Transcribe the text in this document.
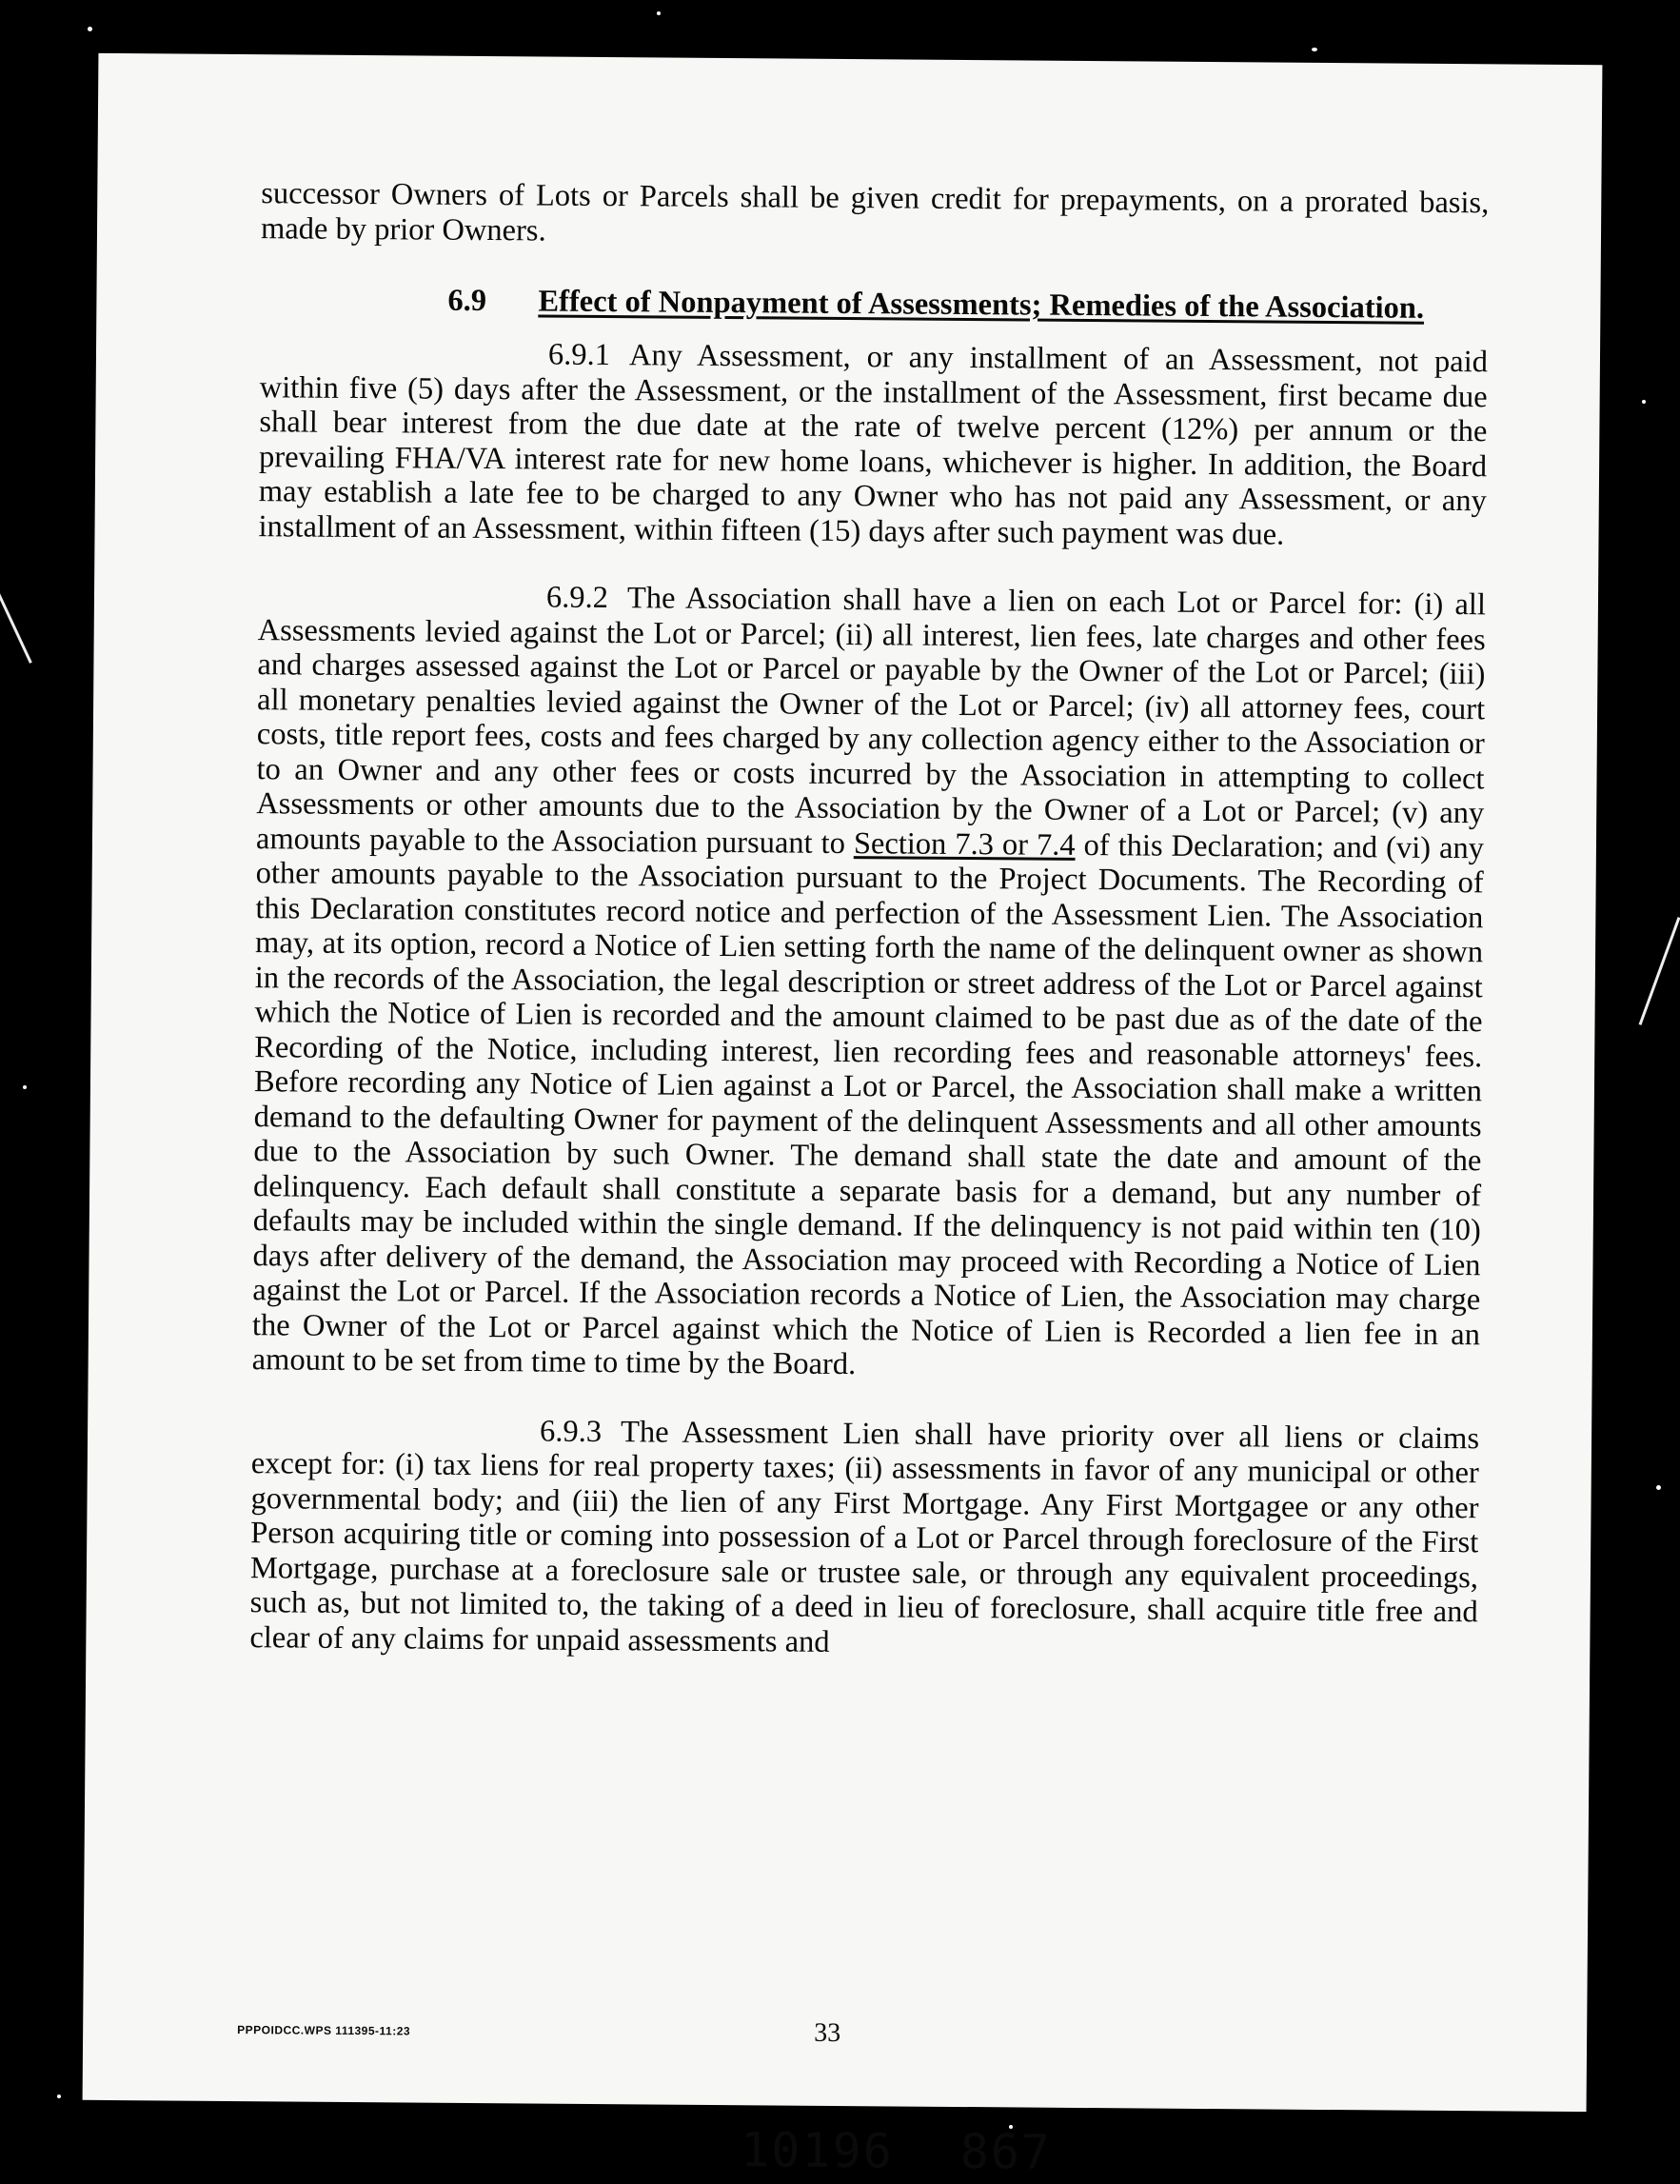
successor Owners of Lots or Parcels shall be given credit for prepayments, on a prorated basis, made by prior Owners.

6.9 Effect of Nonpayment of Assessments; Remedies of the Association.

6.9.1 Any Assessment, or any installment of an Assessment, not paid within five (5) days after the Assessment, or the installment of the Assessment, first became due shall bear interest from the due date at the rate of twelve percent (12%) per annum or the prevailing FHA/VA interest rate for new home loans, whichever is higher. In addition, the Board may establish a late fee to be charged to any Owner who has not paid any Assessment, or any installment of an Assessment, within fifteen (15) days after such payment was due.

6.9.2 The Association shall have a lien on each Lot or Parcel for: (i) all Assessments levied against the Lot or Parcel; (ii) all interest, lien fees, late charges and other fees and charges assessed against the Lot or Parcel or payable by the Owner of the Lot or Parcel; (iii) all monetary penalties levied against the Owner of the Lot or Parcel; (iv) all attorney fees, court costs, title report fees, costs and fees charged by any collection agency either to the Association or to an Owner and any other fees or costs incurred by the Association in attempting to collect Assessments or other amounts due to the Association by the Owner of a Lot or Parcel; (v) any amounts payable to the Association pursuant to Section 7.3 or 7.4 of this Declaration; and (vi) any other amounts payable to the Association pursuant to the Project Documents. The Recording of this Declaration constitutes record notice and perfection of the Assessment Lien. The Association may, at its option, record a Notice of Lien setting forth the name of the delinquent owner as shown in the records of the Association, the legal description or street address of the Lot or Parcel against which the Notice of Lien is recorded and the amount claimed to be past due as of the date of the Recording of the Notice, including interest, lien recording fees and reasonable attorneys' fees. Before recording any Notice of Lien against a Lot or Parcel, the Association shall make a written demand to the defaulting Owner for payment of the delinquent Assessments and all other amounts due to the Association by such Owner. The demand shall state the date and amount of the delinquency. Each default shall constitute a separate basis for a demand, but any number of defaults may be included within the single demand. If the delinquency is not paid within ten (10) days after delivery of the demand, the Association may proceed with Recording a Notice of Lien against the Lot or Parcel. If the Association records a Notice of Lien, the Association may charge the Owner of the Lot or Parcel against which the Notice of Lien is Recorded a lien fee in an amount to be set from time to time by the Board.

6.9.3 The Assessment Lien shall have priority over all liens or claims except for: (i) tax liens for real property taxes; (ii) assessments in favor of any municipal or other governmental body; and (iii) the lien of any First Mortgage. Any First Mortgagee or any other Person acquiring title or coming into possession of a Lot or Parcel through foreclosure of the First Mortgage, purchase at a foreclosure sale or trustee sale, or through any equivalent proceedings, such as, but not limited to, the taking of a deed in lieu of foreclosure, shall acquire title free and clear of any claims for unpaid assessments and

PPPOIDCC.WPS 111395-11:23	33
10196 867
